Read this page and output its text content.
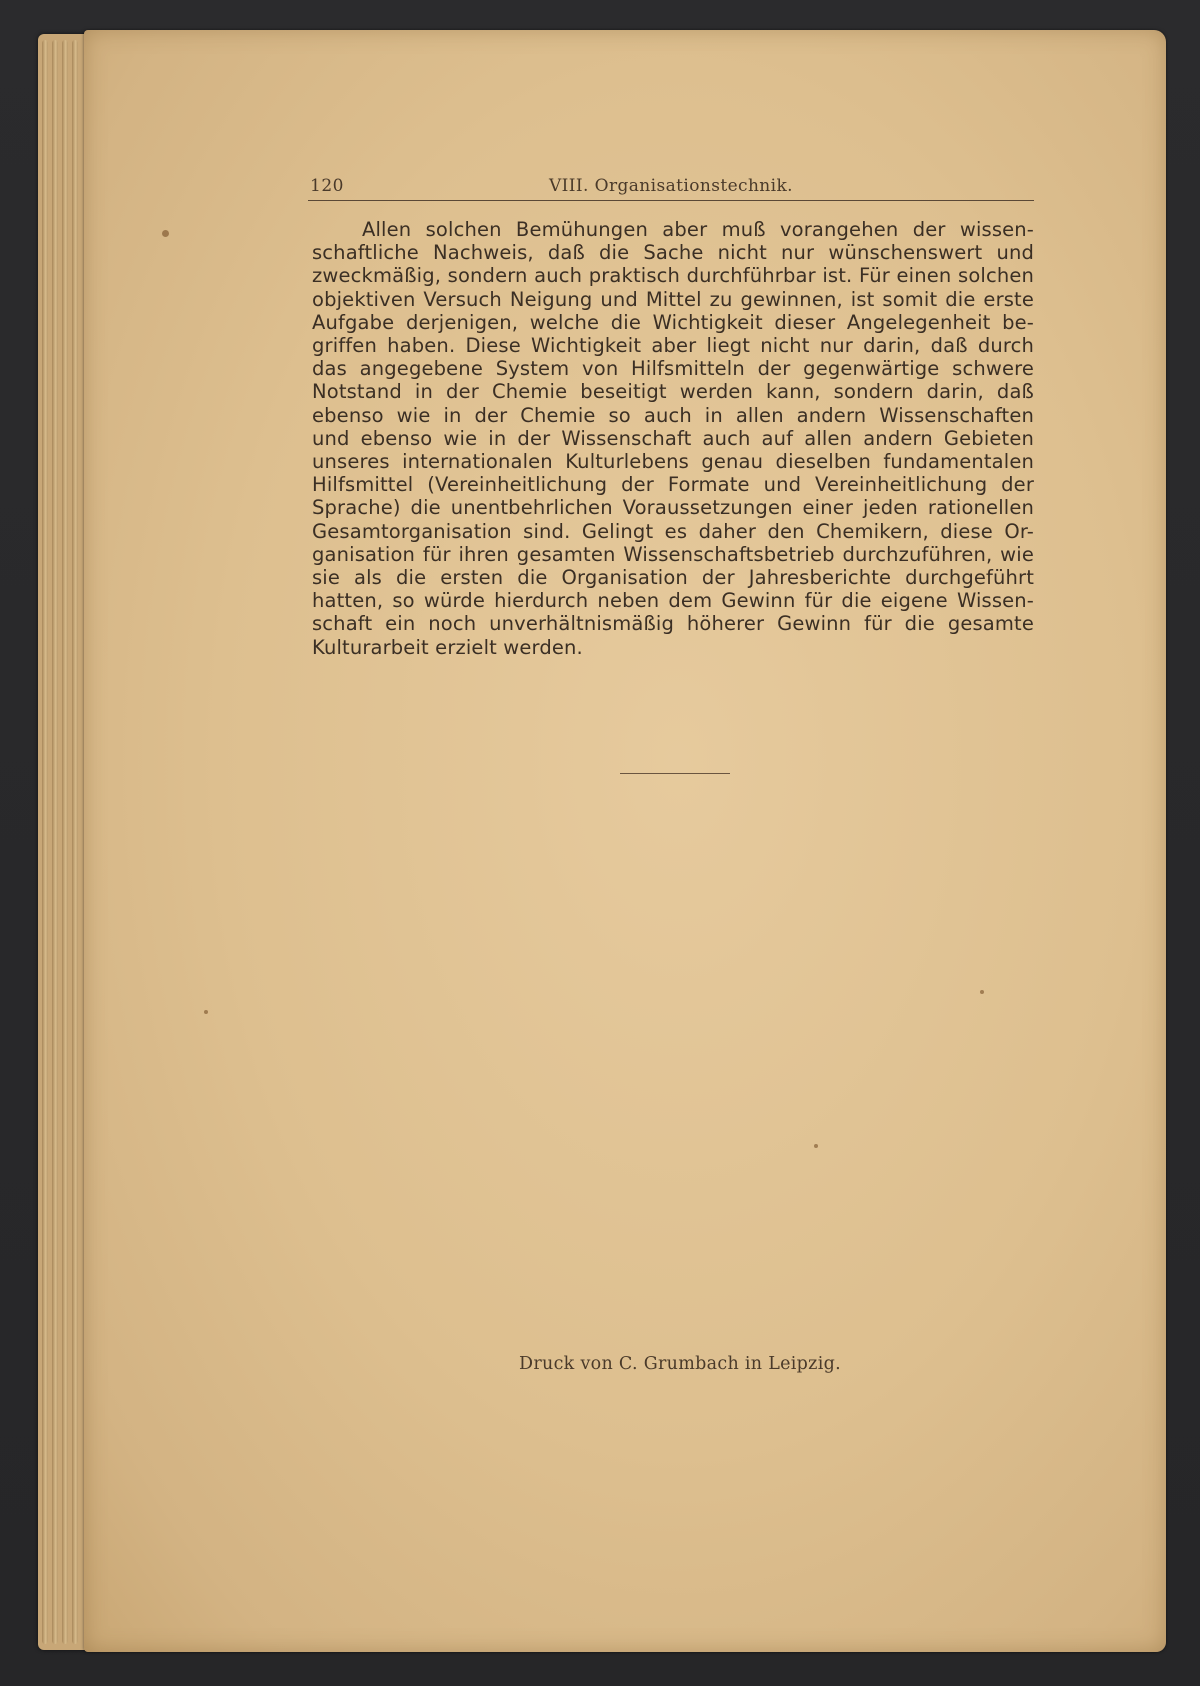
120	VIII. Organisationstechnik.
Allen solchen Bemühungen aber muß vorangehen der wissen-
schaftliche Nachweis, daß die Sache nicht nur wünschenswert und
zweckmäßig, sondern auch praktisch durchführbar ist. Für einen solchen
objektiven Versuch Neigung und Mittel zu gewinnen, ist somit die erste
Aufgabe derjenigen, welche die Wichtigkeit dieser Angelegenheit be-
griffen haben. Diese Wichtigkeit aber liegt nicht nur darin, daß durch
das angegebene System von Hilfsmitteln der gegenwärtige schwere
Notstand in der Chemie beseitigt werden kann, sondern darin, daß
ebenso wie in der Chemie so auch in allen andern Wissenschaften
und ebenso wie in der Wissenschaft auch auf allen andern Gebieten
unseres internationalen Kulturlebens genau dieselben fundamentalen
Hilfsmittel (Vereinheitlichung der Formate und Vereinheitlichung der
Sprache) die unentbehrlichen Voraussetzungen einer jeden rationellen
Gesamtorganisation sind. Gelingt es daher den Chemikern, diese Or-
ganisation für ihren gesamten Wissenschaftsbetrieb durchzuführen, wie
sie als die ersten die Organisation der Jahresberichte durchgeführt
hatten, so würde hierdurch neben dem Gewinn für die eigene Wissen-
schaft ein noch unverhältnismäßig höherer Gewinn für die gesamte
Kulturarbeit erzielt werden.
Druck von C. Grumbach in Leipzig.
